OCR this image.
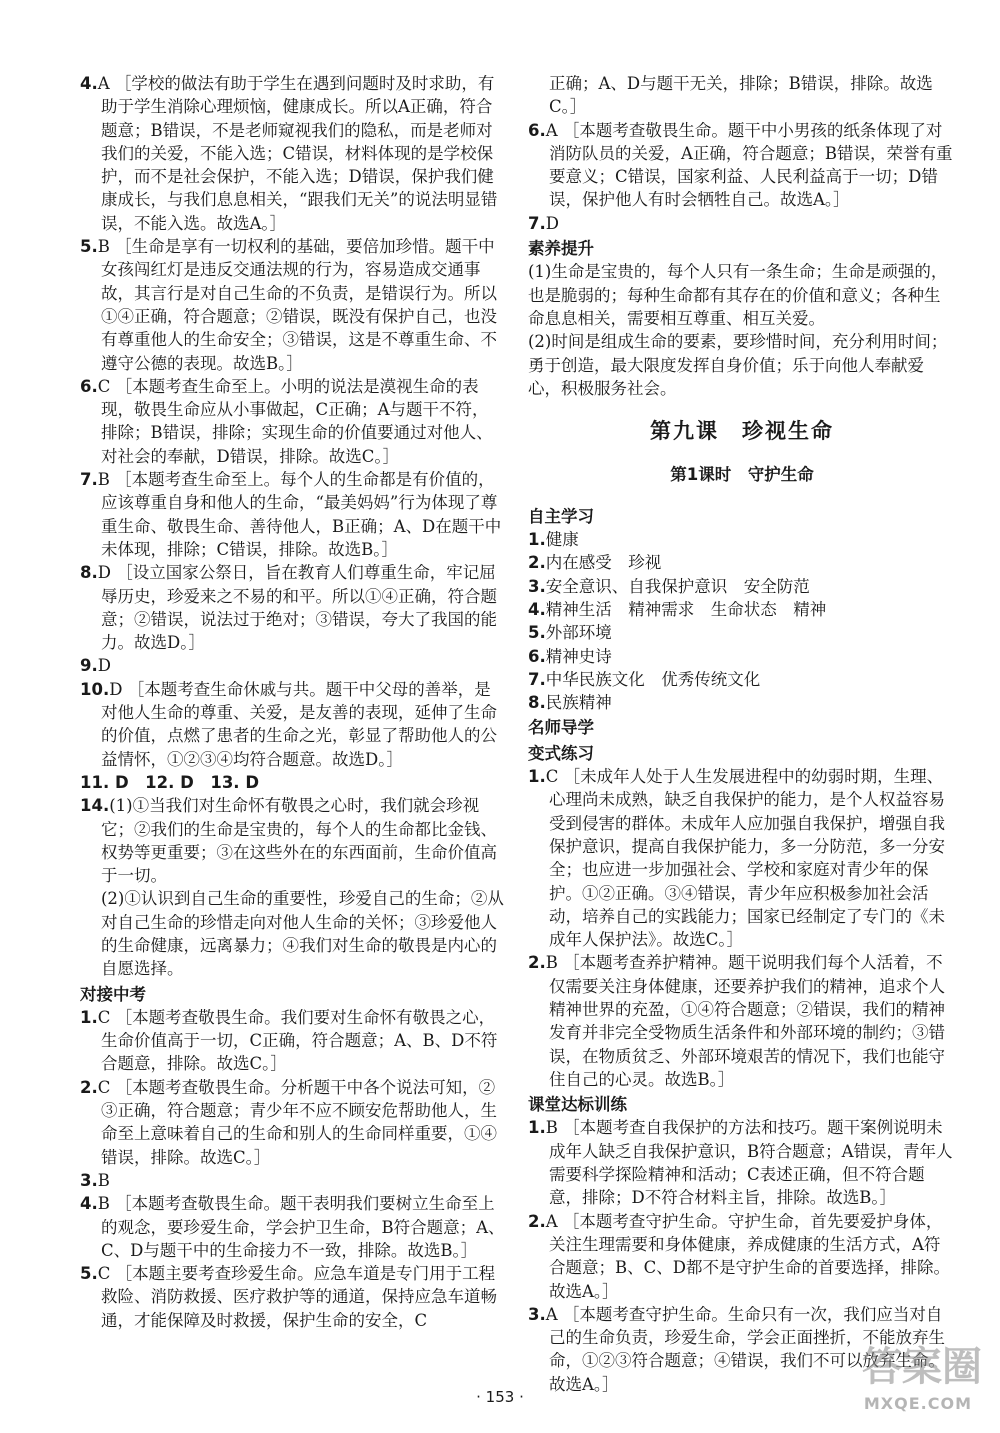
4.A ［学校的做法有助于学生在遇到问题时及时求助，有助于学生消除心理烦恼，健康成长。所以A正确，符合题意；B错误，不是老师窥视我们的隐私，而是老师对我们的关爱，不能入选；C错误，材料体现的是学校保护，而不是社会保护，不能入选；D错误，保护我们健康成长，与我们息息相关，“跟我们无关”的说法明显错误，不能入选。故选A。］

5.B ［生命是享有一切权利的基础，要倍加珍惜。题干中女孩闯红灯是违反交通法规的行为，容易造成交通事故，其言行是对自己生命的不负责，是错误行为。所以①④正确，符合题意；②错误，既没有保护自己，也没有尊重他人的生命安全；③错误，这是不尊重生命、不遵守公德的表现。故选B。］

6.C ［本题考查生命至上。小明的说法是漠视生命的表现，敬畏生命应从小事做起，C正确；A与题干不符，排除；B错误，排除；实现生命的价值要通过对他人、对社会的奉献，D错误，排除。故选C。］

7.B ［本题考查生命至上。每个人的生命都是有价值的，应该尊重自身和他人的生命，“最美妈妈”行为体现了尊重生命、敬畏生命、善待他人，B正确；A、D在题干中未体现，排除；C错误，排除。故选B。］

8.D ［设立国家公祭日，旨在教育人们尊重生命，牢记屈辱历史，珍爱来之不易的和平。所以①④正确，符合题意；②错误，说法过于绝对；③错误，夸大了我国的能力。故选D。］

9.D

10.D ［本题考查生命休戚与共。题干中父母的善举，是对他人生命的尊重、关爱，是友善的表现，延伸了生命的价值，点燃了患者的生命之光，彰显了帮助他人的公益情怀，①②③④均符合题意。故选D。］

11. D　12. D　13. D

14.(1)①当我们对生命怀有敬畏之心时，我们就会珍视它；②我们的生命是宝贵的，每个人的生命都比金钱、权势等更重要；③在这些外在的东西面前，生命价值高于一切。

(2)①认识到自己生命的重要性，珍爱自己的生命；②从对自己生命的珍惜走向对他人生命的关怀；③珍爱他人的生命健康，远离暴力；④我们对生命的敬畏是内心的自愿选择。

对接中考

1.C ［本题考查敬畏生命。我们要对生命怀有敬畏之心，生命价值高于一切，C正确，符合题意；A、B、D不符合题意，排除。故选C。］

2.C ［本题考查敬畏生命。分析题干中各个说法可知，②③正确，符合题意；青少年不应不顾安危帮助他人，生命至上意味着自己的生命和别人的生命同样重要，①④错误，排除。故选C。］

3.B

4.B ［本题考查敬畏生命。题干表明我们要树立生命至上的观念，要珍爱生命，学会护卫生命，B符合题意；A、C、D与题干中的生命接力不一致，排除。故选B。］

5.C ［本题主要考查珍爱生命。应急车道是专门用于工程救险、消防救援、医疗救护等的通道，保持应急车道畅通，才能保障及时救援，保护生命的安全，C

正确；A、D与题干无关，排除；B错误，排除。故选C。］

6.A ［本题考查敬畏生命。题干中小男孩的纸条体现了对消防队员的关爱，A正确，符合题意；B错误，荣誉有重要意义；C错误，国家利益、人民利益高于一切；D错误，保护他人有时会牺牲自己。故选A。］

7.D

素养提升

(1)生命是宝贵的，每个人只有一条生命；生命是顽强的，也是脆弱的；每种生命都有其存在的价值和意义；各种生命息息相关，需要相互尊重、相互关爱。

(2)时间是组成生命的要素，要珍惜时间，充分利用时间；勇于创造，最大限度发挥自身价值；乐于向他人奉献爱心，积极服务社会。

第九课　珍视生命
第1课时　守护生命
自主学习

1.健康

2.内在感受　珍视

3.安全意识、自我保护意识　安全防范

4.精神生活　精神需求　生命状态　精神

5.外部环境

6.精神史诗

7.中华民族文化　优秀传统文化

8.民族精神

名师导学
变式练习

1.C ［未成年人处于人生发展进程中的幼弱时期，生理、心理尚未成熟，缺乏自我保护的能力，是个人权益容易受到侵害的群体。未成年人应加强自我保护，增强自我保护意识，提高自我保护能力，多一分防范，多一分安全；也应进一步加强社会、学校和家庭对青少年的保护。①②正确。③④错误，青少年应积极参加社会活动，培养自己的实践能力；国家已经制定了专门的《未成年人保护法》。故选C。］

2.B ［本题考查养护精神。题干说明我们每个人活着，不仅需要关注身体健康，还要养护我们的精神，追求个人精神世界的充盈，①④符合题意；②错误，我们的精神发育并非完全受物质生活条件和外部环境的制约；③错误，在物质贫乏、外部环境艰苦的情况下，我们也能守住自己的心灵。故选B。］

课堂达标训练

1.B ［本题考查自我保护的方法和技巧。题干案例说明未成年人缺乏自我保护意识，B符合题意；A错误，青年人需要科学探险精神和活动；C表述正确，但不符合题意，排除；D不符合材料主旨，排除。故选B。］

2.A ［本题考查守护生命。守护生命，首先要爱护身体，关注生理需要和身体健康，养成健康的生活方式，A符合题意；B、C、D都不是守护生命的首要选择，排除。故选A。］

3.A ［本题考查守护生命。生命只有一次，我们应当对自己的生命负责，珍爱生命，学会正面挫折，不能放弃生命，①②③符合题意；④错误，我们不可以放弃生命。故选A。］

· 153 ·
答案圈
MXQE.COM
